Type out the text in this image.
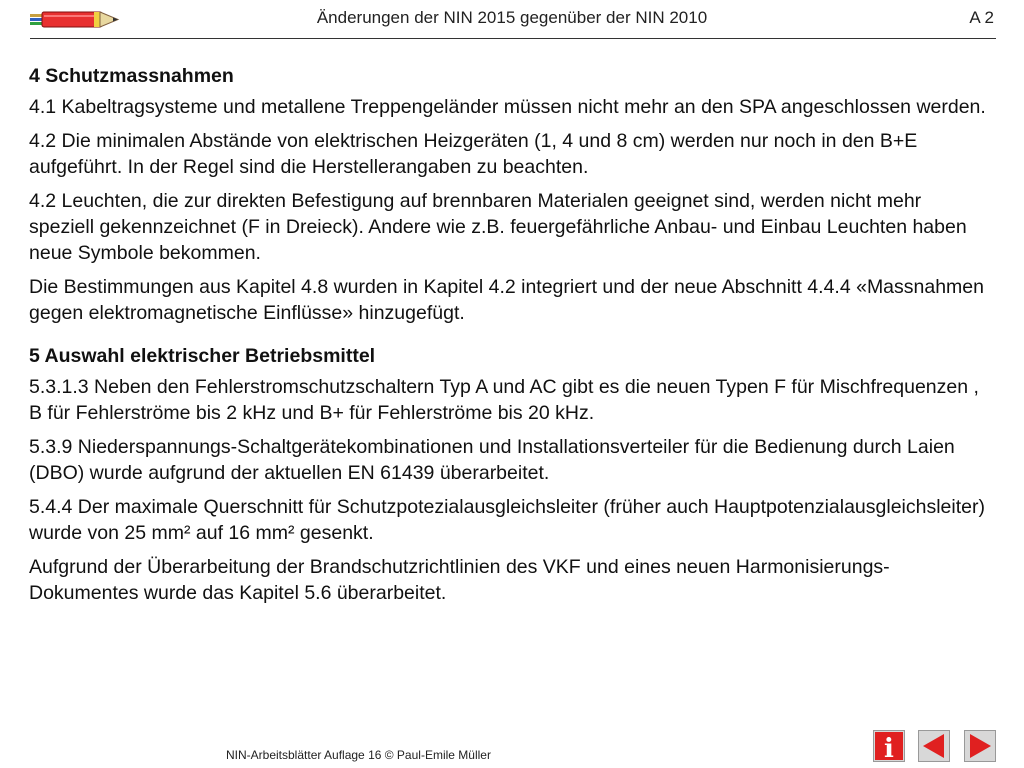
Änderungen der NIN 2015 gegenüber der NIN 2010	A 2
4 Schutzmassnahmen

4.1 Kabeltragsysteme und metallene Treppengeländer müssen nicht mehr an den SPA angeschlossen werden.

4.2 Die minimalen Abstände von elektrischen Heizgeräten (1, 4 und 8 cm) werden nur noch in den B+E aufgeführt. In der Regel sind die Herstellerangaben zu beachten.

4.2 Leuchten, die zur direkten Befestigung auf brennbaren Materialen geeignet sind, werden nicht mehr speziell gekennzeichnet (F in Dreieck). Andere wie z.B. feuergefährliche Anbau- und Einbau Leuchten haben neue Symbole bekommen.

Die Bestimmungen aus Kapitel 4.8 wurden in Kapitel 4.2 integriert und der neue Abschnitt 4.4.4 «Massnahmen gegen elektromagnetische Einflüsse» hinzugefügt.

5 Auswahl elektrischer Betriebsmittel

5.3.1.3 Neben den Fehlerstromschutzschaltern Typ A und AC gibt es die neuen Typen F für Mischfrequenzen , B für Fehlerströme bis 2 kHz und B+ für Fehlerströme bis 20 kHz.

5.3.9 Niederspannungs-Schaltgerätekombinationen und Installationsverteiler für die Bedienung durch Laien (DBO) wurde aufgrund der aktuellen EN 61439 überarbeitet.

5.4.4 Der maximale Querschnitt für Schutzpotezialausgleichsleiter (früher auch Hauptpotenzialausgleichsleiter) wurde von 25 mm² auf 16 mm² gesenkt.

Aufgrund der Überarbeitung der Brandschutzrichtlinien des VKF und eines neuen Harmonisierungs-Dokumentes wurde das Kapitel 5.6 überarbeitet.

NIN-Arbeitsblätter Auflage 16 © Paul-Emile Müller	i
